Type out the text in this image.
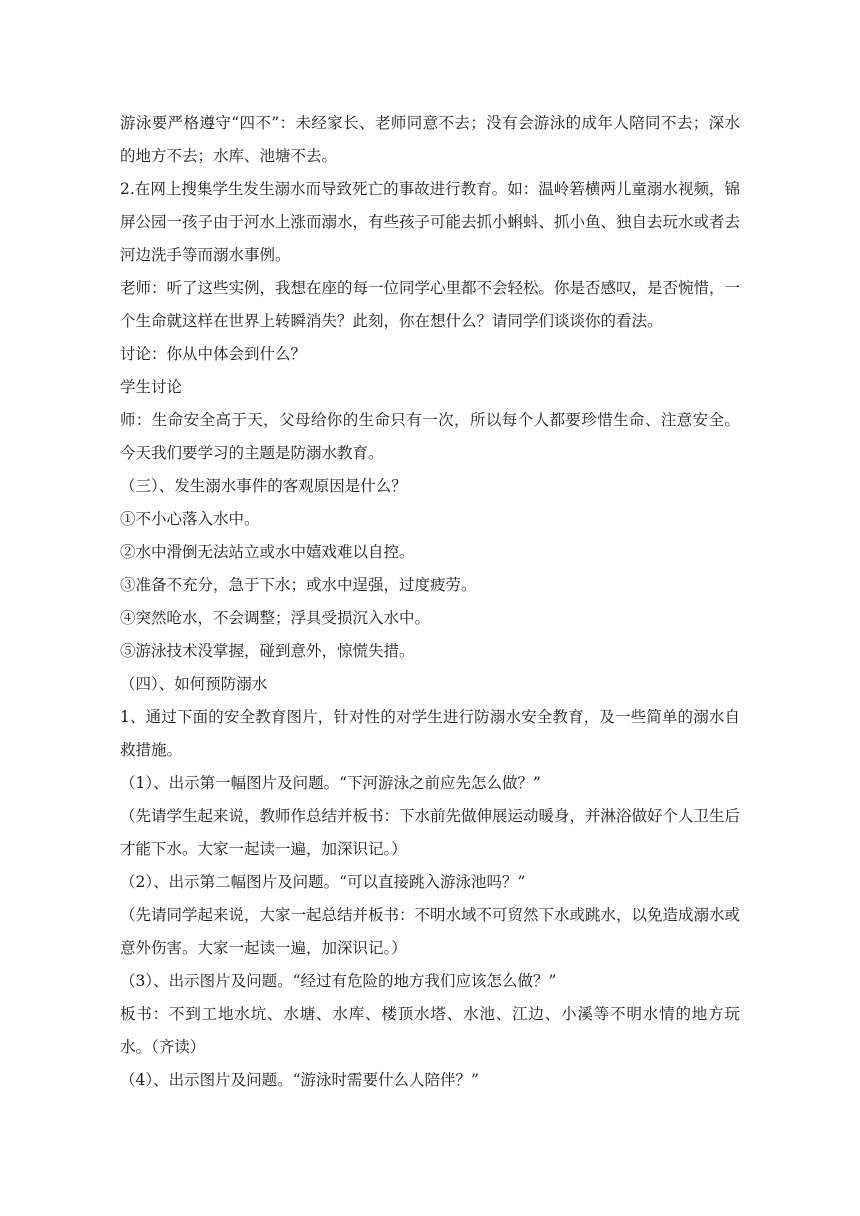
游泳要严格遵守“四不”：未经家长、老师同意不去；没有会游泳的成年人陪同不去；深水的地方不去；水库、池塘不去。

2.在网上搜集学生发生溺水而导致死亡的事故进行教育。如：温岭箬横两儿童溺水视频，锦屏公园一孩子由于河水上涨而溺水，有些孩子可能去抓小蝌蚪、抓小鱼、独自去玩水或者去河边洗手等而溺水事例。

老师：听了这些实例，我想在座的每一位同学心里都不会轻松。你是否感叹，是否惋惜，一个生命就这样在世界上转瞬消失？此刻，你在想什么？请同学们谈谈你的看法。

讨论：你从中体会到什么？

学生讨论

师：生命安全高于天，父母给你的生命只有一次，所以每个人都要珍惜生命、注意安全。 今天我们要学习的主题是防溺水教育。

（三）、发生溺水事件的客观原因是什么？

①不小心落入水中。

②水中滑倒无法站立或水中嬉戏难以自控。

③准备不充分，急于下水；或水中逞强，过度疲劳。

④突然呛水，不会调整；浮具受损沉入水中。

⑤游泳技术没掌握，碰到意外，惊慌失措。

（四）、如何预防溺水

1、通过下面的安全教育图片，针对性的对学生进行防溺水安全教育，及一些简单的溺水自救措施。

（1）、出示第一幅图片及问题。“下河游泳之前应先怎么做？”

（先请学生起来说，教师作总结并板书：下水前先做伸展运动暖身，并淋浴做好个人卫生后才能下水。大家一起读一遍，加深识记。）

（2）、出示第二幅图片及问题。“可以直接跳入游泳池吗？”

（先请同学起来说，大家一起总结并板书：不明水域不可贸然下水或跳水，以免造成溺水或意外伤害。大家一起读一遍，加深识记。）

（3）、出示图片及问题。“经过有危险的地方我们应该怎么做？”

板书：不到工地水坑、水塘、水库、楼顶水塔、水池、江边、小溪等不明水情的地方玩水。（齐读）

（4）、出示图片及问题。“游泳时需要什么人陪伴？”
